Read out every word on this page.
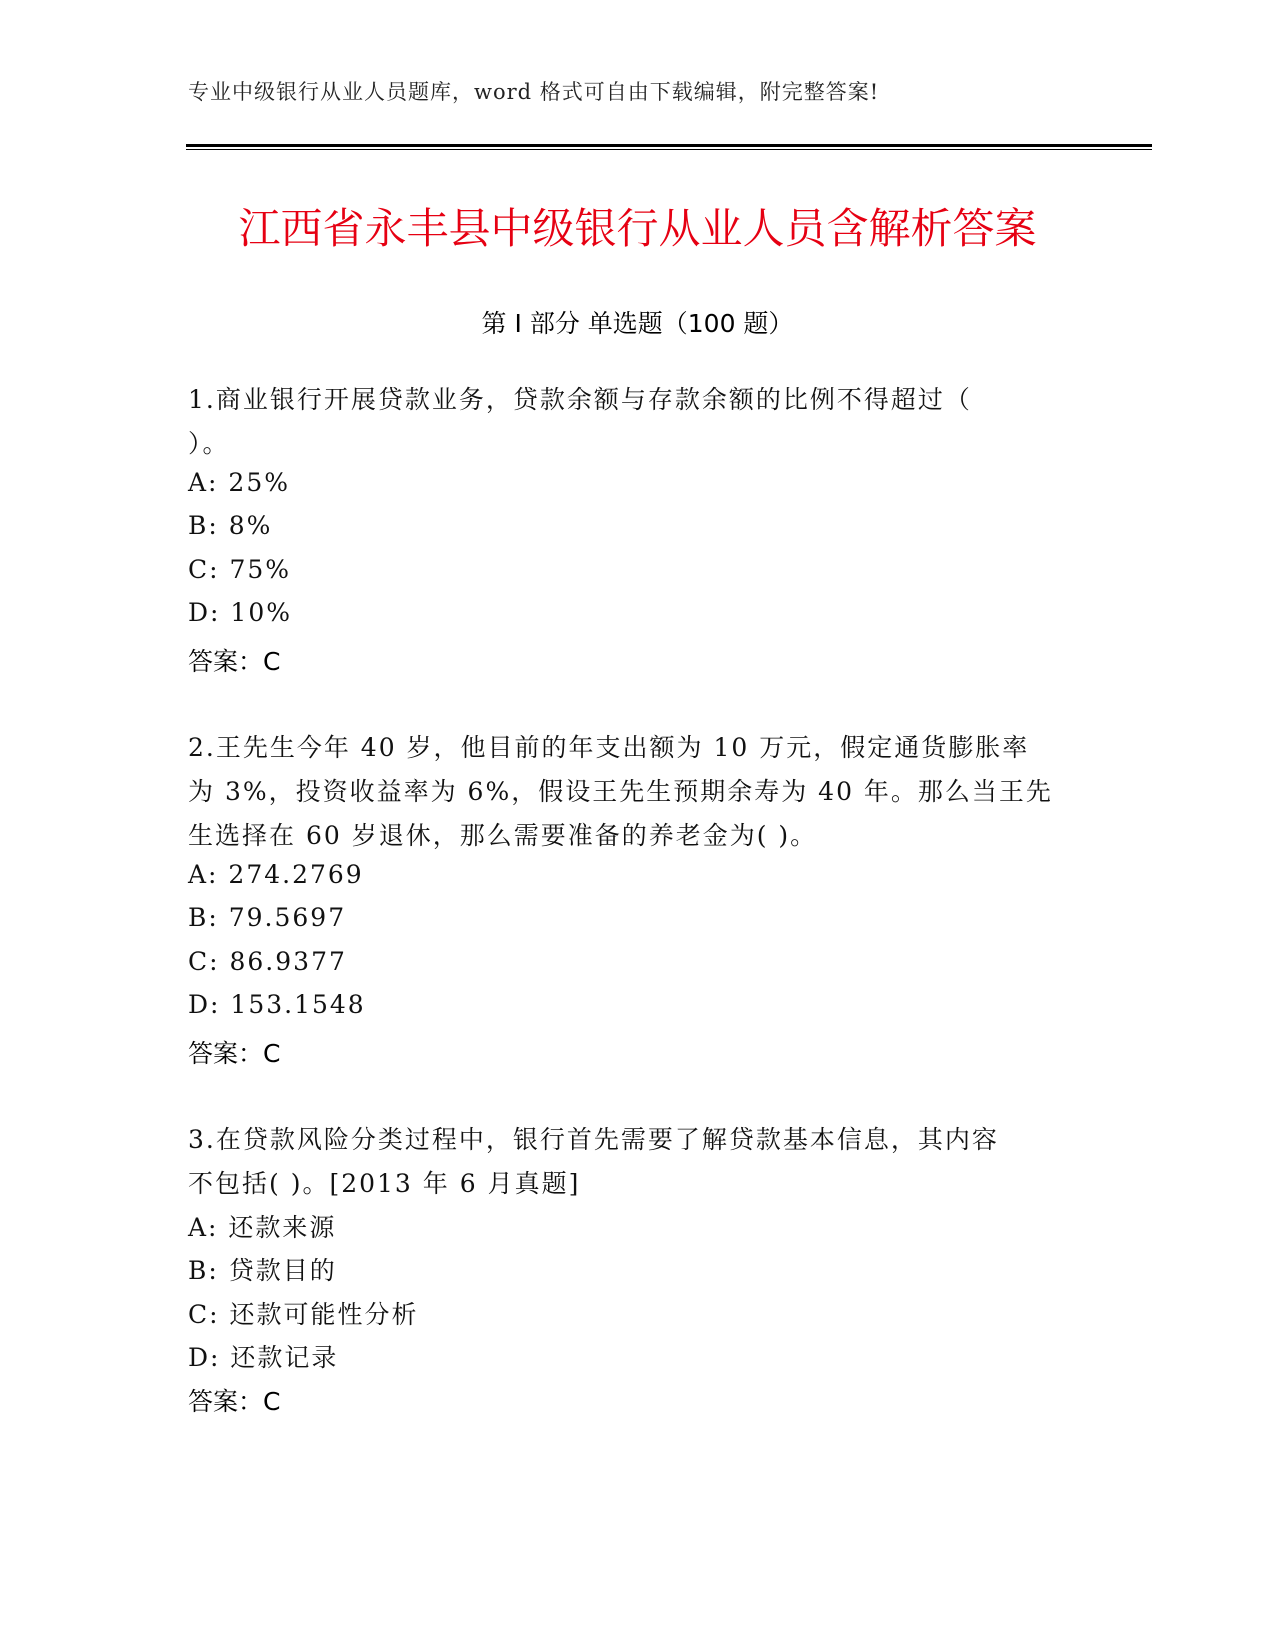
专业中级银行从业人员题库，word 格式可自由下载编辑，附完整答案!
江西省永丰县中级银行从业人员含解析答案
第 I 部分 单选题（100 题）
1.商业银行开展贷款业务，贷款余额与存款余额的比例不得超过（
）。
A: 25%
B: 8%
C: 75%
D: 10%
答案：C
2.王先生今年 40 岁，他目前的年支出额为 10 万元，假定通货膨胀率
为 3%，投资收益率为 6%，假设王先生预期余寿为 40 年。那么当王先
生选择在 60 岁退休，那么需要准备的养老金为( )。
A: 274.2769
B: 79.5697
C: 86.9377
D: 153.1548
答案：C
3.在贷款风险分类过程中，银行首先需要了解贷款基本信息，其内容
不包括( )。[2013 年 6 月真题]
A: 还款来源
B: 贷款目的
C: 还款可能性分析
D: 还款记录
答案：C
